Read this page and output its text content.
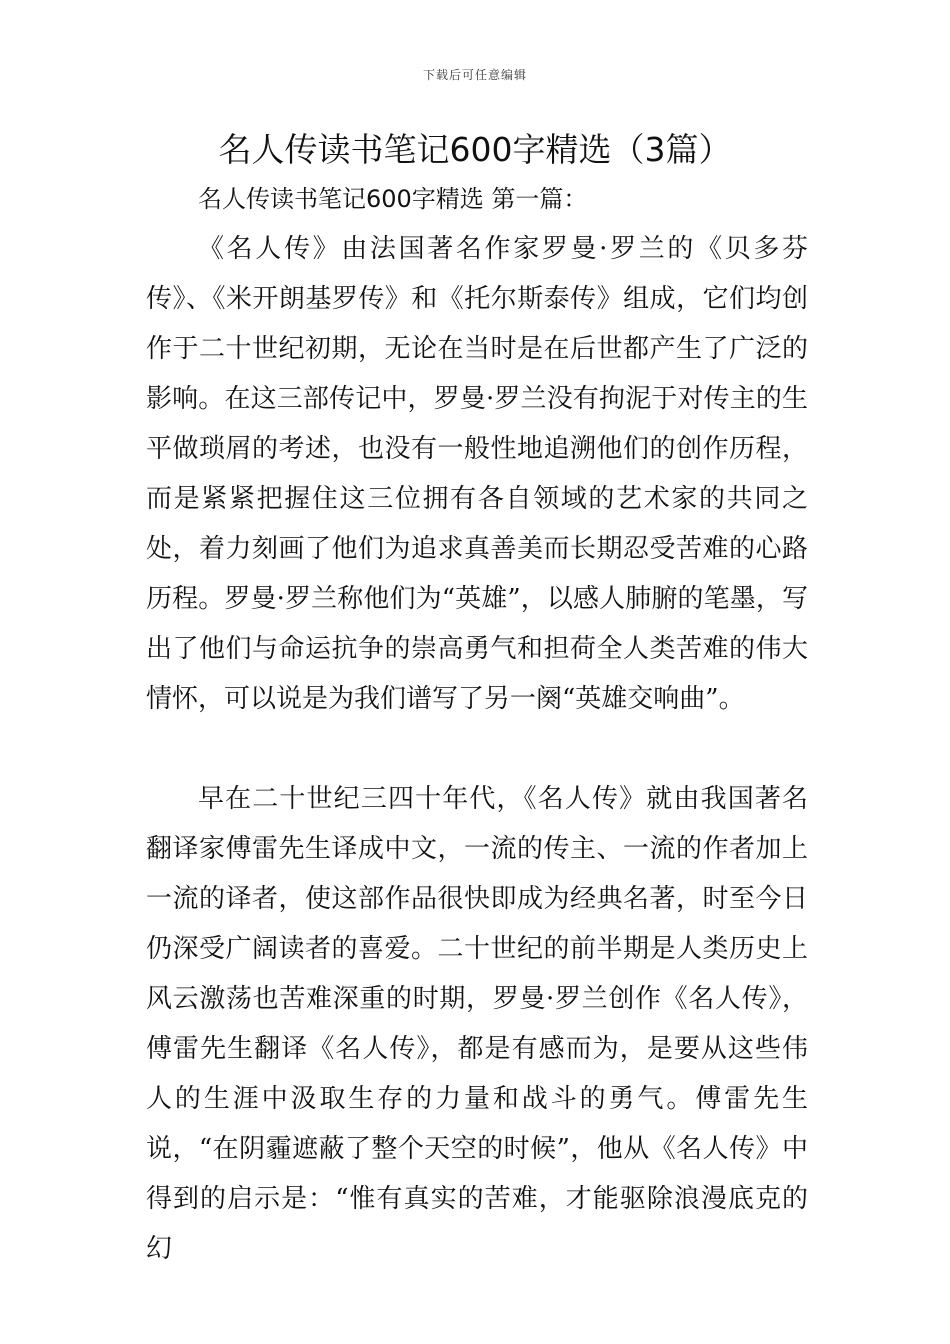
下载后可任意编辑
名人传读书笔记600字精选（3篇）
名人传读书笔记600字精选 第一篇：

《名人传》由法国著名作家罗曼·罗兰的《贝多芬传》、《米开朗基罗传》和《托尔斯泰传》组成，它们均创作于二十世纪初期，无论在当时是在后世都产生了广泛的影响。在这三部传记中，罗曼·罗兰没有拘泥于对传主的生平做琐屑的考述，也没有一般性地追溯他们的创作历程，而是紧紧把握住这三位拥有各自领域的艺术家的共同之处，着力刻画了他们为追求真善美而长期忍受苦难的心路历程。罗曼·罗兰称他们为“英雄”，以感人肺腑的笔墨，写出了他们与命运抗争的崇高勇气和担荷全人类苦难的伟大情怀，可以说是为我们谱写了另一阕“英雄交响曲”。

早在二十世纪三四十年代，《名人传》就由我国著名翻译家傅雷先生译成中文，一流的传主、一流的作者加上一流的译者，使这部作品很快即成为经典名著，时至今日仍深受广阔读者的喜爱。二十世纪的前半期是人类历史上风云激荡也苦难深重的时期，罗曼·罗兰创作《名人传》，傅雷先生翻译《名人传》，都是有感而为，是要从这些伟人的生涯中汲取生存的力量和战斗的勇气。傅雷先生说，“在阴霾遮蔽了整个天空的时候”，他从《名人传》中得到的启示是：“惟有真实的苦难，才能驱除浪漫底克的幻
